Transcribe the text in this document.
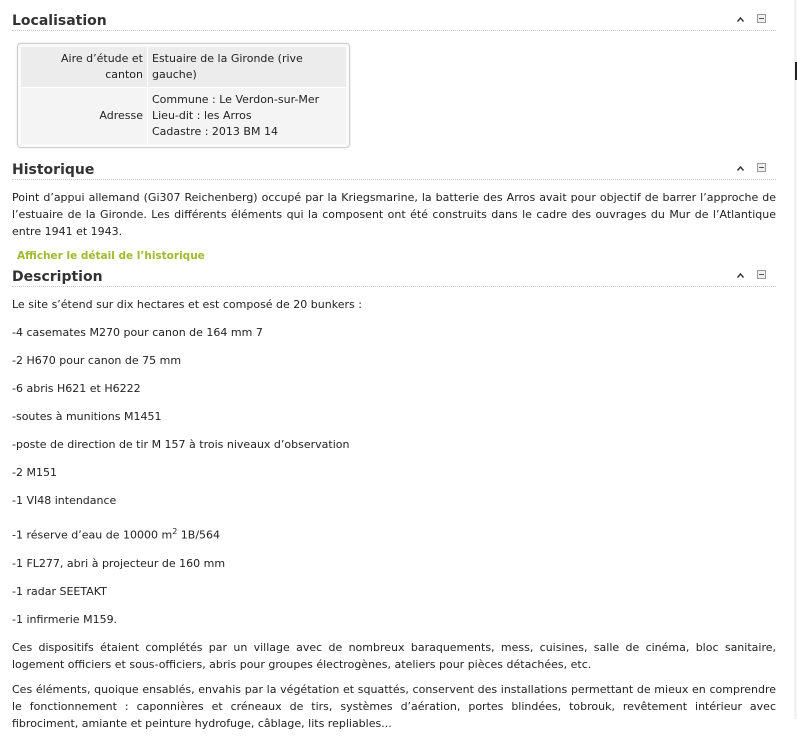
Localisation
Aire d’étude et canton	Estuaire de la Gironde (rive gauche)
Adresse	Commune : Le Verdon-sur-Mer
Lieu-dit : les Arros
Cadastre : 2013 BM 14
Historique

Point d’appui allemand (Gi307 Reichenberg) occupé par la Kriegsmarine, la batterie des Arros avait pour objectif de barrer l’approche de l’estuaire de la Gironde. Les différents éléments qui la composent ont été construits dans le cadre des ouvrages du Mur de l’Atlantique entre 1941 et 1943.

Afficher le détail de l’historique
Description

Le site s’étend sur dix hectares et est composé de 20 bunkers :

-4 casemates M270 pour canon de 164 mm 7

-2 H670 pour canon de 75 mm

-6 abris H621 et H6222

-soutes à munitions M1451

-poste de direction de tir M 157 à trois niveaux d’observation

-2 M151

-1 VI48 intendance

-1 réserve d’eau de 10000 $m^2$ 1B/564

-1 FL277, abri à projecteur de 160 mm

-1 radar SEETAKT

-1 infirmerie M159.

Ces dispositifs étaient complétés par un village avec de nombreux baraquements, mess, cuisines, salle de cinéma, bloc sanitaire, logement officiers et sous-officiers, abris pour groupes électrogènes, ateliers pour pièces détachées, etc.

Ces éléments, quoique ensablés, envahis par la végétation et squattés, conservent des installations permettant de mieux en comprendre le fonctionnement : caponnières et créneaux de tirs, systèmes d’aération, portes blindées, tobrouk, revêtement intérieur avec fibrociment, amiante et peinture hydrofuge, câblage, lits repliables...
